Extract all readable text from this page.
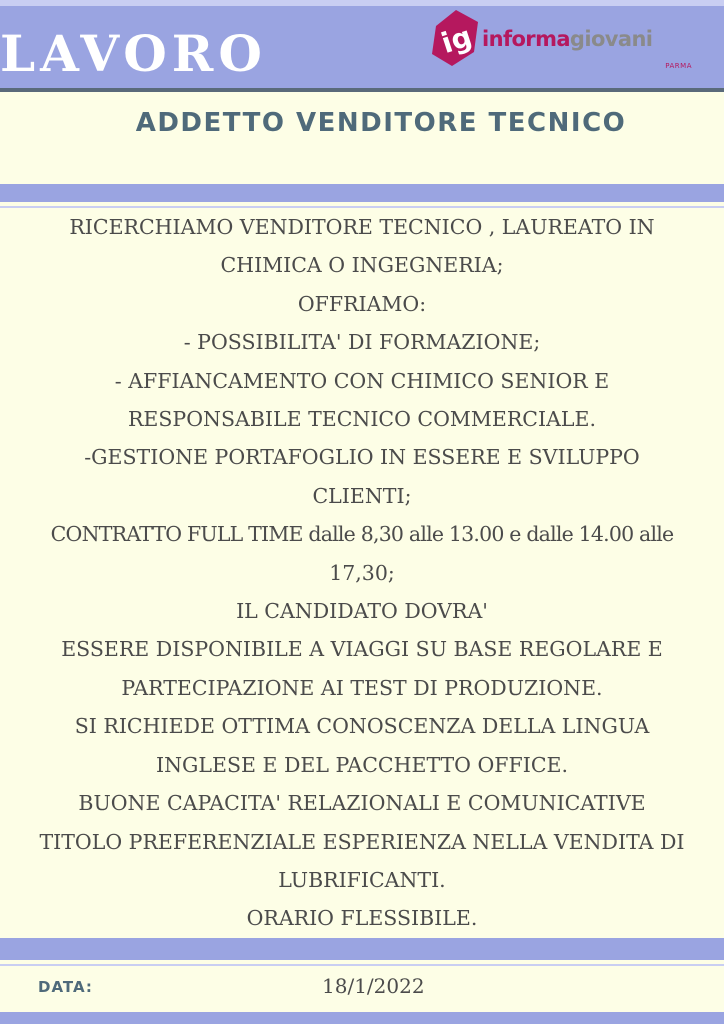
LAVORO	ig informagiovani
PARMA
ADDETTO VENDITORE TECNICO
RICERCHIAMO VENDITORE TECNICO , LAUREATO IN
CHIMICA O INGEGNERIA;
OFFRIAMO:
- POSSIBILITA' DI FORMAZIONE;
- AFFIANCAMENTO CON CHIMICO SENIOR E
RESPONSABILE TECNICO COMMERCIALE.
-GESTIONE PORTAFOGLIO IN ESSERE E SVILUPPO
CLIENTI;
CONTRATTO FULL TIME dalle 8,30 alle 13.00 e dalle 14.00 alle
17,30;
IL CANDIDATO DOVRA'
ESSERE DISPONIBILE A VIAGGI SU BASE REGOLARE E
PARTECIPAZIONE AI TEST DI PRODUZIONE.
SI RICHIEDE OTTIMA CONOSCENZA DELLA LINGUA
INGLESE E DEL PACCHETTO OFFICE.
BUONE CAPACITA' RELAZIONALI E COMUNICATIVE
TITOLO PREFERENZIALE ESPERIENZA NELLA VENDITA DI
LUBRIFICANTI.
ORARIO FLESSIBILE.
DATA:	18/1/2022
